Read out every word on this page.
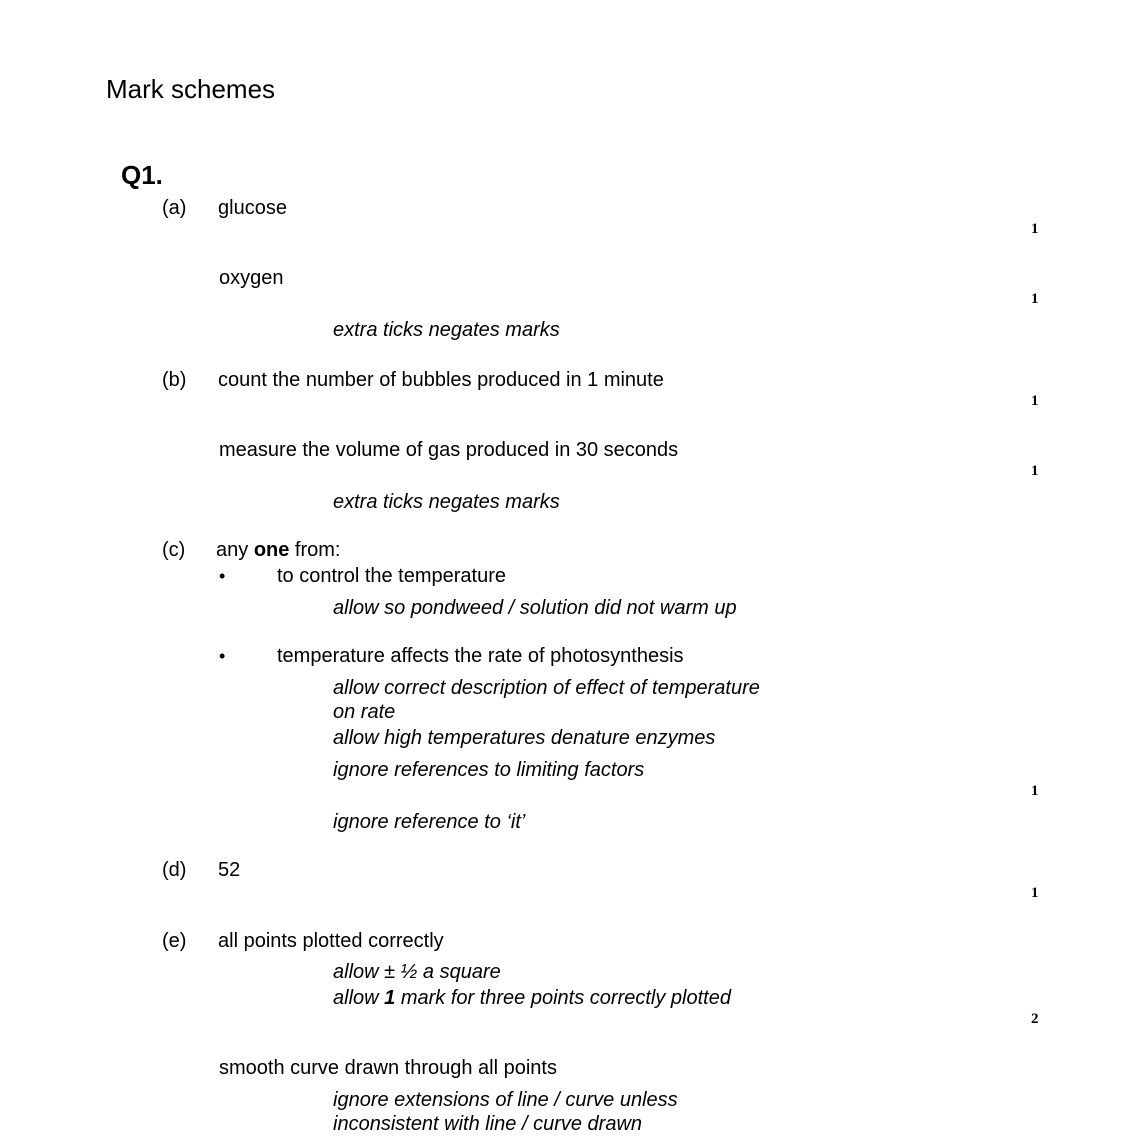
Mark schemes
Q1.
(a) glucose
1
oxygen
1
extra ticks negates marks
(b) count the number of bubbles produced in 1 minute
1
measure the volume of gas produced in 30 seconds
1
extra ticks negates marks
(c) any one from:
•	to control the temperature
allow so pondweed / solution did not warm up
•	temperature affects the rate of photosynthesis
allow correct description of effect of temperature
on rate
allow high temperatures denature enzymes
ignore references to limiting factors
1
ignore reference to ‘it’
(d) 52
1
(e) all points plotted correctly
allow ± ½ a square
allow 1 mark for three points correctly plotted
2
smooth curve drawn through all points
ignore extensions of line / curve unless
inconsistent with line / curve drawn
